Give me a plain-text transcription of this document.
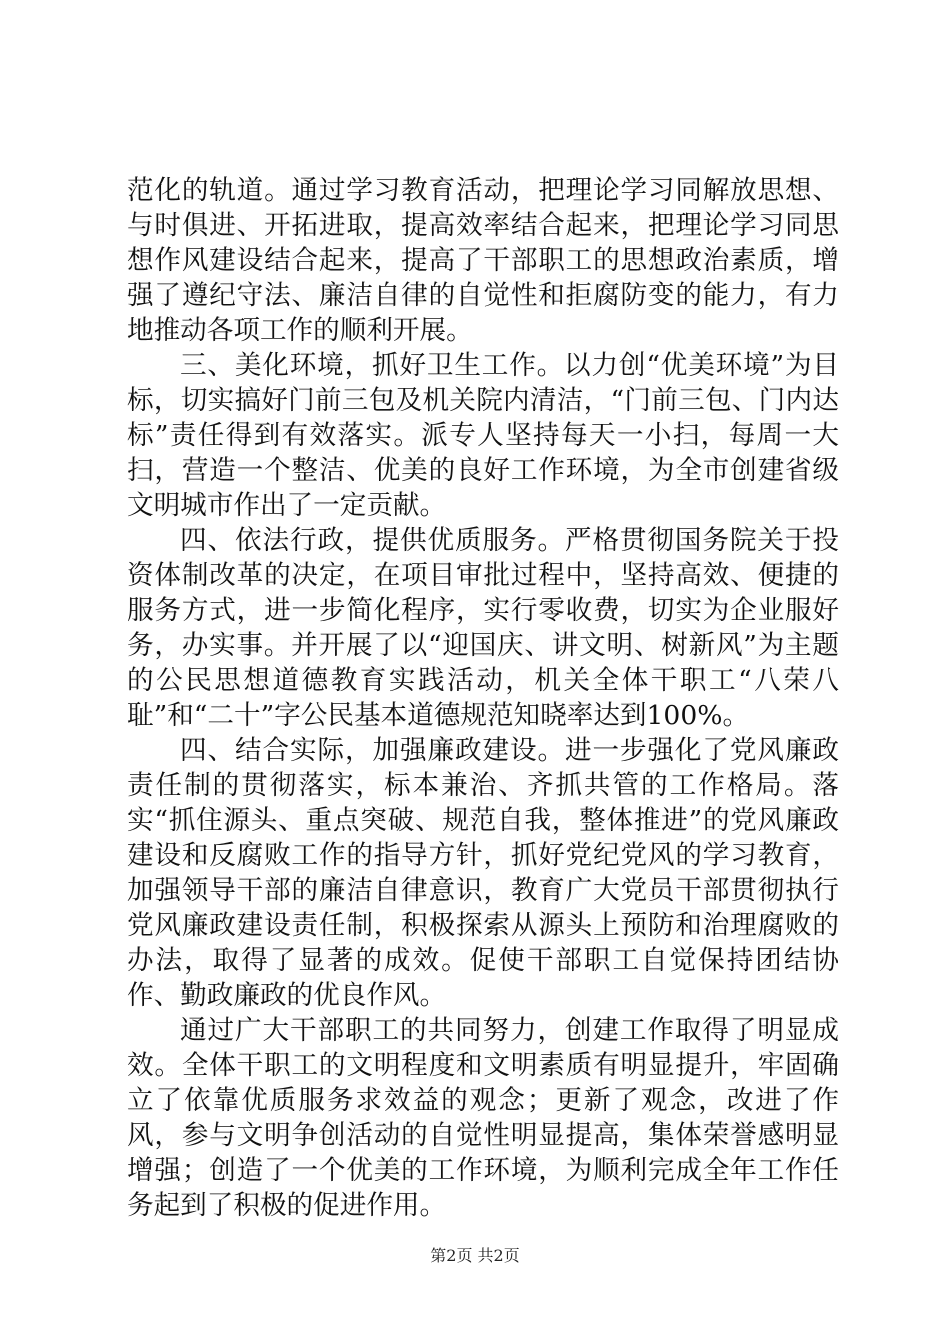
范化的轨道。通过学习教育活动，把理论学习同解放思想、与时俱进、开拓进取，提高效率结合起来，把理论学习同思想作风建设结合起来，提高了干部职工的思想政治素质，增强了遵纪守法、廉洁自律的自觉性和拒腐防变的能力，有力地推动各项工作的顺利开展。

三、美化环境，抓好卫生工作。以力创“优美环境”为目标，切实搞好门前三包及机关院内清洁，“门前三包、门内达标”责任得到有效落实。派专人坚持每天一小扫，每周一大扫，营造一个整洁、优美的良好工作环境，为全市创建省级文明城市作出了一定贡献。

四、依法行政，提供优质服务。严格贯彻国务院关于投资体制改革的决定，在项目审批过程中，坚持高效、便捷的服务方式，进一步简化程序，实行零收费，切实为企业服好务，办实事。并开展了以“迎国庆、讲文明、树新风”为主题的公民思想道德教育实践活动，机关全体干职工“八荣八耻”和“二十”字公民基本道德规范知晓率达到100%。

四、结合实际，加强廉政建设。进一步强化了党风廉政责任制的贯彻落实，标本兼治、齐抓共管的工作格局。落实“抓住源头、重点突破、规范自我，整体推进”的党风廉政建设和反腐败工作的指导方针，抓好党纪党风的学习教育，加强领导干部的廉洁自律意识，教育广大党员干部贯彻执行党风廉政建设责任制，积极探索从源头上预防和治理腐败的办法，取得了显著的成效。促使干部职工自觉保持团结协作、勤政廉政的优良作风。

通过广大干部职工的共同努力，创建工作取得了明显成效。全体干职工的文明程度和文明素质有明显提升，牢固确立了依靠优质服务求效益的观念；更新了观念，改进了作风，参与文明争创活动的自觉性明显提高，集体荣誉感明显增强；创造了一个优美的工作环境，为顺利完成全年工作任务起到了积极的促进作用。

第2页 共2页
